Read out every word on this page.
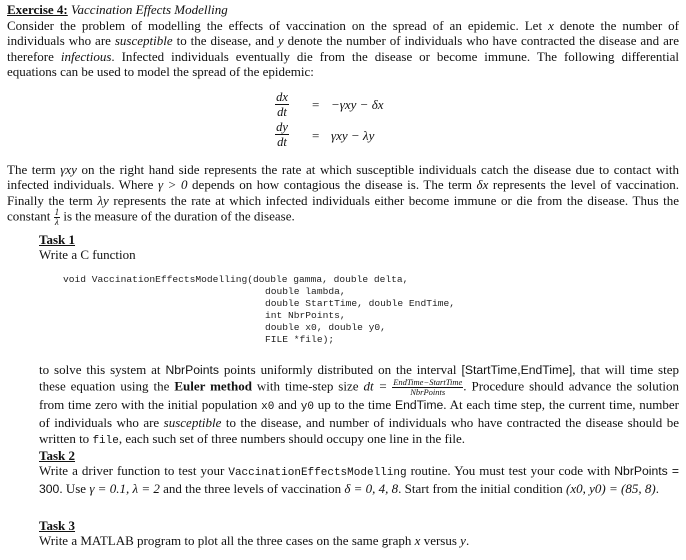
Exercise 4: Vaccination Effects Modelling

Consider the problem of modelling the effects of vaccination on the spread of an epidemic. Let x denote the number of individuals who are susceptible to the disease, and y denote the number of individuals who have contracted the disease and are therefore infectious. Infected individuals eventually die from the disease or become immune. The following differential equations can be used to model the spread of the epidemic:

dx
dt	= −γxy − δx
dy
dt	= γxy − λy

The term γxy on the right hand side represents the rate at which susceptible individuals catch the disease due to contact with infected individuals. Where γ > 0 depends on how contagious the disease is. The term δx represents the level of vaccination. Finally the term λy represents the rate at which infected individuals either become immune or die from the disease. Thus the constant $\frac{1}{\lambda}$ is the measure of the duration of the disease.

Task 1
Write a C function
void VaccinationEffectsModelling(double gamma, double delta,
double lambda,
double StartTime, double EndTime,
int NbrPoints,
double x0, double y0,
FILE *file);

to solve this system at NbrPoints points uniformly distributed on the interval [StartTime,EndTime], that will time step these equation using the Euler method with time-step size dt = EndTime−StartTime
NbrPoints	. Procedure should advance the solution from time zero with the initial population x0 and y0 up to the time EndTime. At each time step, the current time, number of individuals who are susceptible to the disease, and number of individuals who have contracted the disease should be written to file, each such set of three numbers should occupy one line in the file.

Task 2

Write a driver function to test your VaccinationEffectsModelling routine. You must test your code with NbrPoints = 300. Use γ = 0.1, λ = 2 and the three levels of vaccination δ = 0, 4, 8. Start from the initial condition (x0, y0) = (85, 8).

Task 3
Write a MATLAB program to plot all the three cases on the same graph x versus y.
